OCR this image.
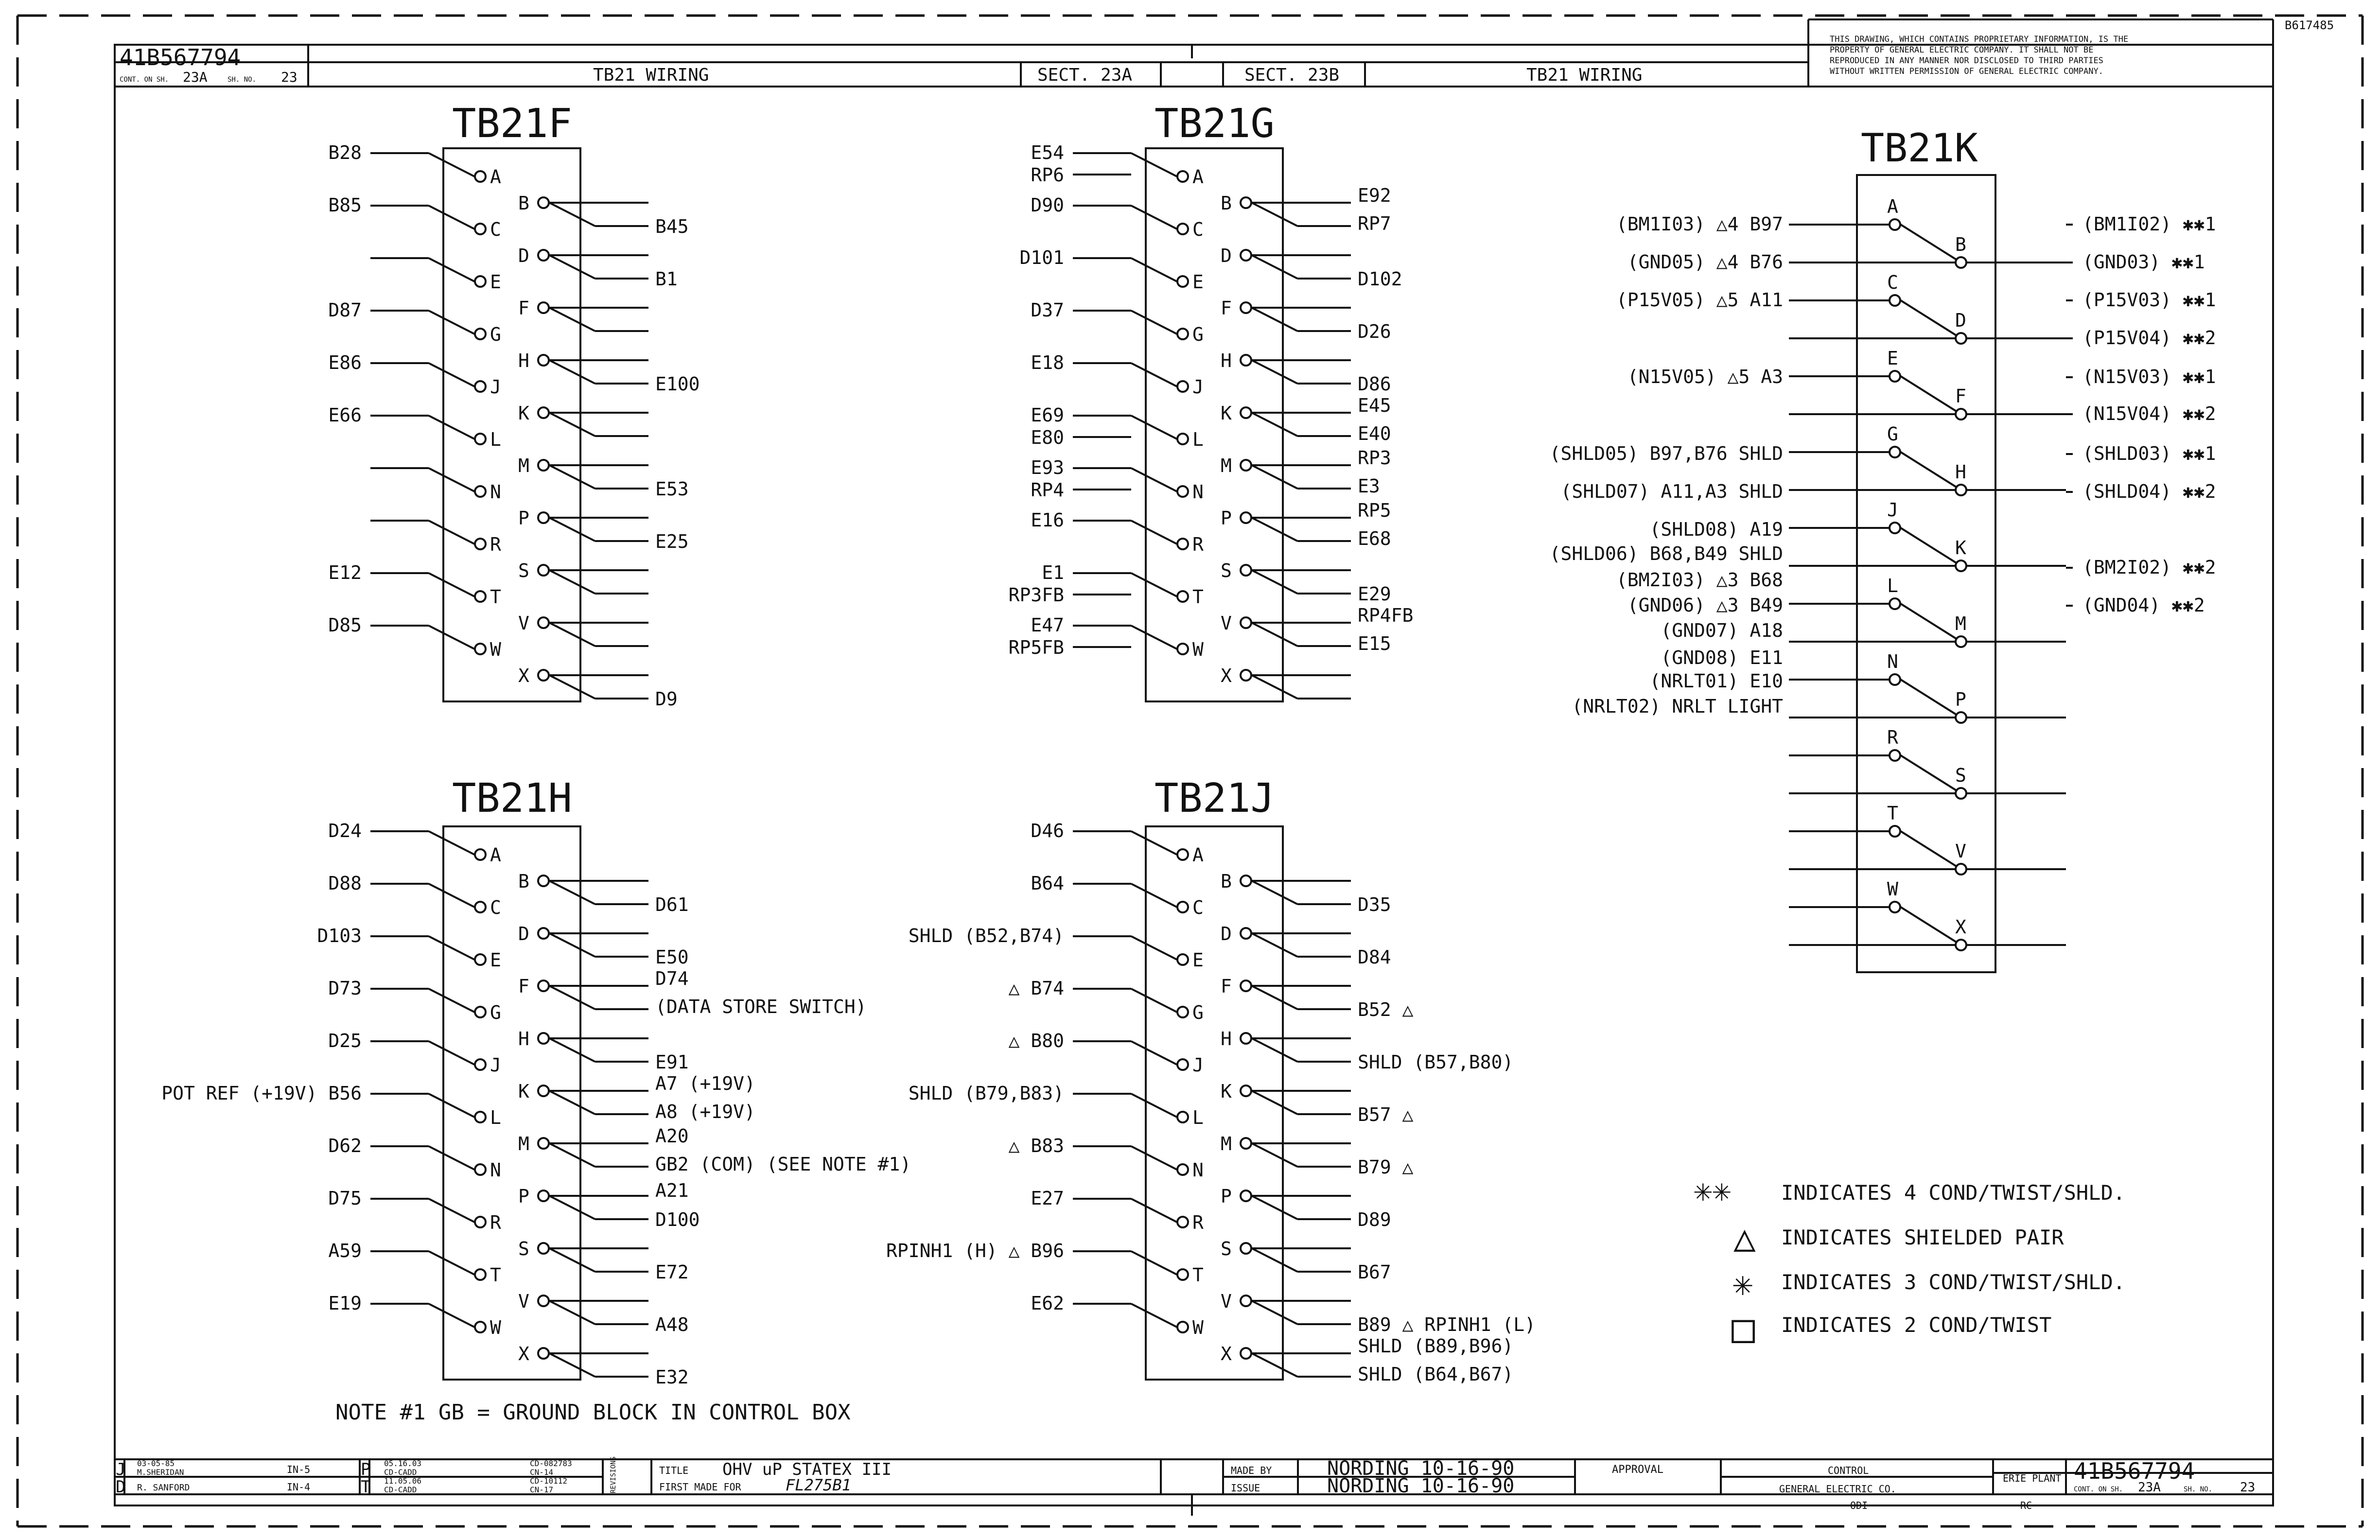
41B567794
CONT. ON SH. 23A	SH. NO. 23	TB21 WIRING	SECT. 23A	SECT. 23B	TB21 WIRING
B617485
THIS DRAWING, WHICH CONTAINS PROPRIETARY INFORMATION, IS THE
PROPERTY OF GENERAL ELECTRIC COMPANY. IT SHALL NOT BE
REPRODUCED IN ANY MANNER NOR DISCLOSED TO THIRD PARTIES
WITHOUT WRITTEN PERMISSION OF GENERAL ELECTRIC COMPANY.
TB21F
A
B28
C
B85
E
G
D87
J
E86
L
E66
N
R
T
E12
W
D85
B
B45
D
B1
F
H
E100
K
M
E53
P
E25
S
V
X
D9
TB21G
A
E54
RP6
C
D90
E
D101
G
D37
J
E18
L
E69
E80
N
E93
RP4
R
E16
T
E1
RP3FB
W
E47
RP5FB
B	E92
RP7
D
D102
F
D26
H
D86
K	E45
E40
M	RP3
E3
P	RP5
E68
S
E29
V	RP4FB
E15
X
TB21H
A
D24
C
D88
E
D103
G
D73
J
D25
L
POT REF (+19V) B56
N
D62
R
D75
T
A59
W
E19
B
D61
D
E50
F	D74
(DATA STORE SWITCH)
H
E91
K	A7 (+19V)
A8 (+19V)
M	A20
GB2 (COM) (SEE NOTE #1)
A21
P
D100
S
E72
V
A48
X
E32
TB21J
A
D46
C
B64
E
SHLD (B52,B74)
G
△ B74
J
△ B80
L
SHLD (B79,B83)
N
△ B83
R
E27
T
RPINH1 (H) △ B96
W
E62
B
D35
D
D84
F
B52 △
H
SHLD (B57,B80)
K
B57 △
M
B79 △
P
D89
S
B67
V
B89 △ RPINH1 (L)
X	SHLD (B89,B96)
SHLD (B64,B67)
TB21K
A
C
E
G
J
L
N
R
T
W
B
D
F
H
K
M
P
S
V
X
(BM1I03) △4 B97
(GND05) △4 B76
(P15V05) △5 A11
(N15V05) △5 A3
(SHLD05) B97,B76 SHLD
(SHLD07) A11,A3 SHLD
(SHLD08) A19
(SHLD06) B68,B49 SHLD
(BM2I03) △3 B68
(GND06) △3 B49
(GND07) A18
(GND08) E11
(NRLT01) E10
(NRLT02) NRLT LIGHT
(BM1I02) ✱✱1
(GND03) ✱✱1
(P15V03) ✱✱1
(P15V04) ✱✱2
(N15V03) ✱✱1
(N15V04) ✱✱2
(SHLD03) ✱✱1
(SHLD04) ✱✱2
(BM2I02) ✱✱2
(GND04) ✱✱2
✳✳ INDICATES 4 COND/TWIST/SHLD.
△ INDICATES SHIELDED PAIR
✳ INDICATES 3 COND/TWIST/SHLD.
□ INDICATES 2 COND/TWIST
NOTE #1 GB = GROUND BLOCK IN CONTROL BOX
J 03-05-85
M.SHERIDAN	IN-5
D R. SANFORD	IN-4
P 05.16.03
CD-CADD
CD-082783
CN-14
T 11.05.06
CD-CADD
CD-10112
CN-17	REVISIONS	TITLE OHV uP STATEX III
FIRST MADE FOR	FL275B1
MADE BY	NORDING 10-16-90
ISSUE	NORDING 10-16-90
APPROVAL	CONTROL
GENERAL ELECTRIC CO.
ERIE PLANT 41B567794
CONT. ON SH. 23A	SH. NO. 23
ODI	RC
